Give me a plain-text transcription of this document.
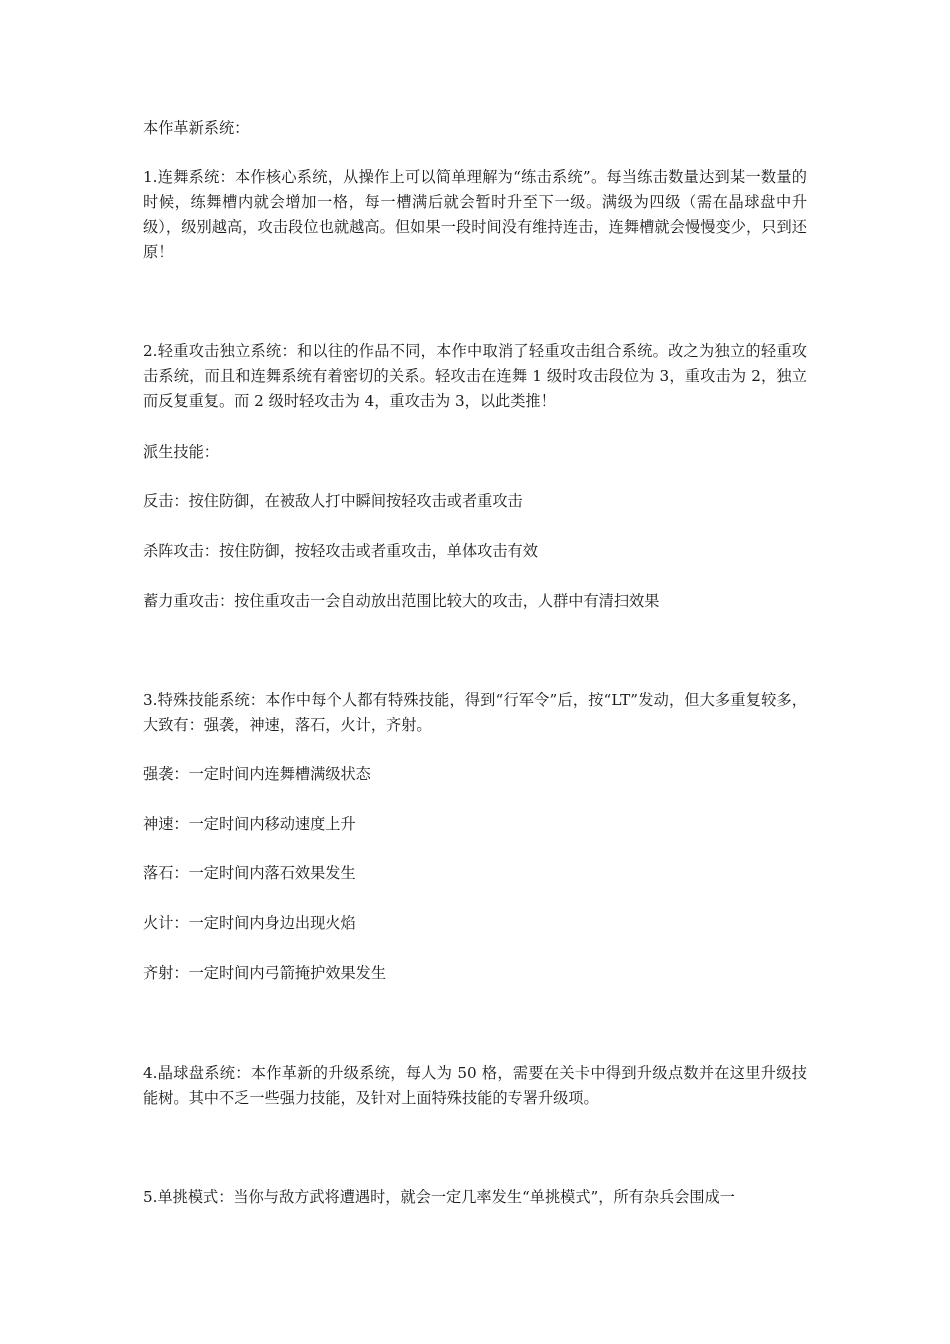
本作革新系统：

1.连舞系统：本作核心系统，从操作上可以简单理解为“练击系统”。每当练击数量达到某一数量的时候，练舞槽内就会增加一格，每一槽满后就会暂时升至下一级。满级为四级（需在晶球盘中升级），级别越高，攻击段位也就越高。但如果一段时间没有维持连击，连舞槽就会慢慢变少，只到还原！

2.轻重攻击独立系统：和以往的作品不同，本作中取消了轻重攻击组合系统。改之为独立的轻重攻击系统，而且和连舞系统有着密切的关系。轻攻击在连舞 1 级时攻击段位为 3，重攻击为 2，独立而反复重复。而 2 级时轻攻击为 4，重攻击为 3，以此类推！

派生技能：

反击：按住防御，在被敌人打中瞬间按轻攻击或者重攻击

杀阵攻击：按住防御，按轻攻击或者重攻击，单体攻击有效

蓄力重攻击：按住重攻击一会自动放出范围比较大的攻击，人群中有清扫效果

3.特殊技能系统：本作中每个人都有特殊技能，得到“行军令”后，按“LT”发动，但大多重复较多，大致有：强袭，神速，落石，火计，齐射。

强袭：一定时间内连舞槽满级状态

神速：一定时间内移动速度上升

落石：一定时间内落石效果发生

火计：一定时间内身边出现火焰

齐射：一定时间内弓箭掩护效果发生

4.晶球盘系统：本作革新的升级系统，每人为 50 格，需要在关卡中得到升级点数并在这里升级技能树。其中不乏一些强力技能，及针对上面特殊技能的专署升级项。

5.单挑模式：当你与敌方武将遭遇时，就会一定几率发生“单挑模式”，所有杂兵会围成一
